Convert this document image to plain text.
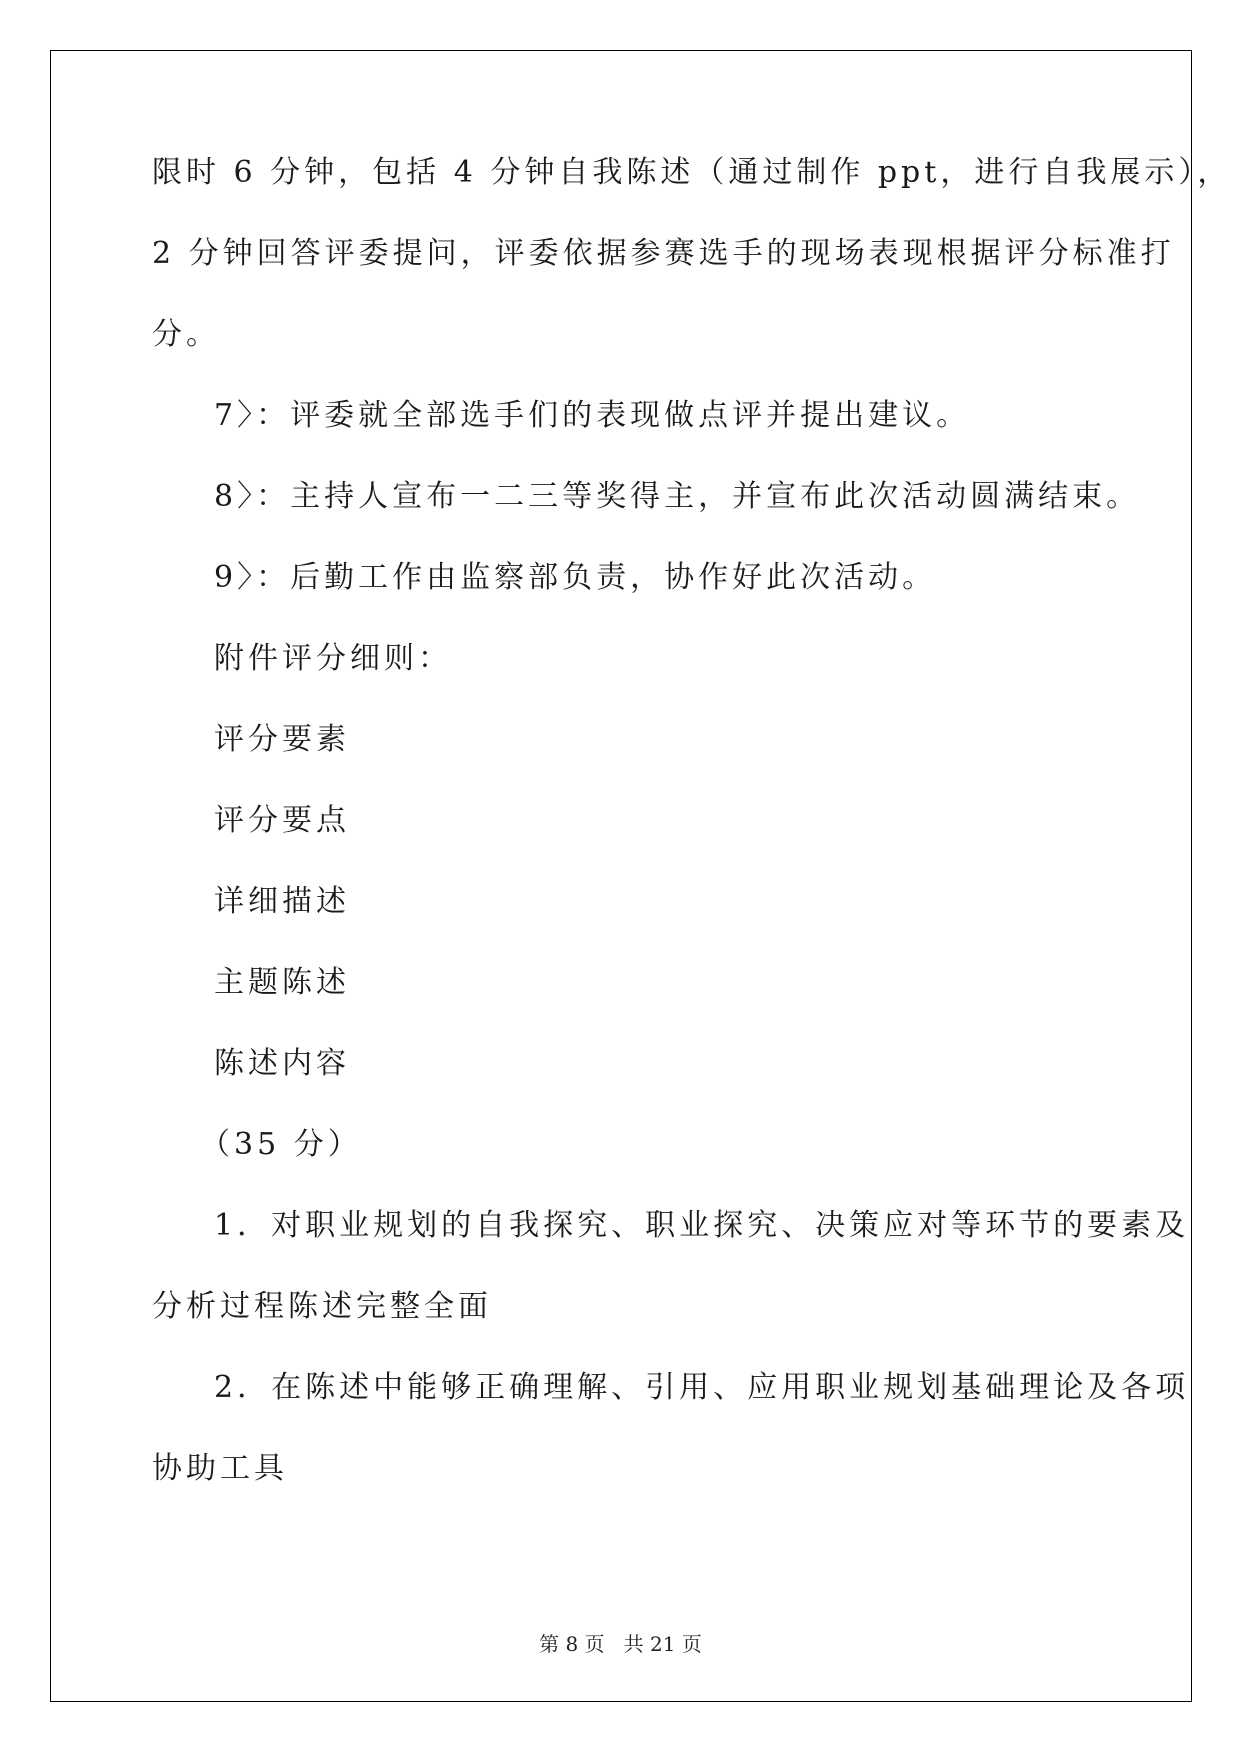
限时 6 分钟，包括 4 分钟自我陈述（通过制作 ppt，进行自我展示），
2 分钟回答评委提问，评委依据参赛选手的现场表现根据评分标准打
分。
7〉：评委就全部选手们的表现做点评并提出建议。
8〉：主持人宣布一二三等奖得主，并宣布此次活动圆满结束。
9〉：后勤工作由监察部负责，协作好此次活动。
附件评分细则：
评分要素
评分要点
详细描述
主题陈述
陈述内容
（35 分）
1．对职业规划的自我探究、职业探究、决策应对等环节的要素及
分析过程陈述完整全面
2．在陈述中能够正确理解、引用、应用职业规划基础理论及各项
协助工具
第 8 页   共 21 页
